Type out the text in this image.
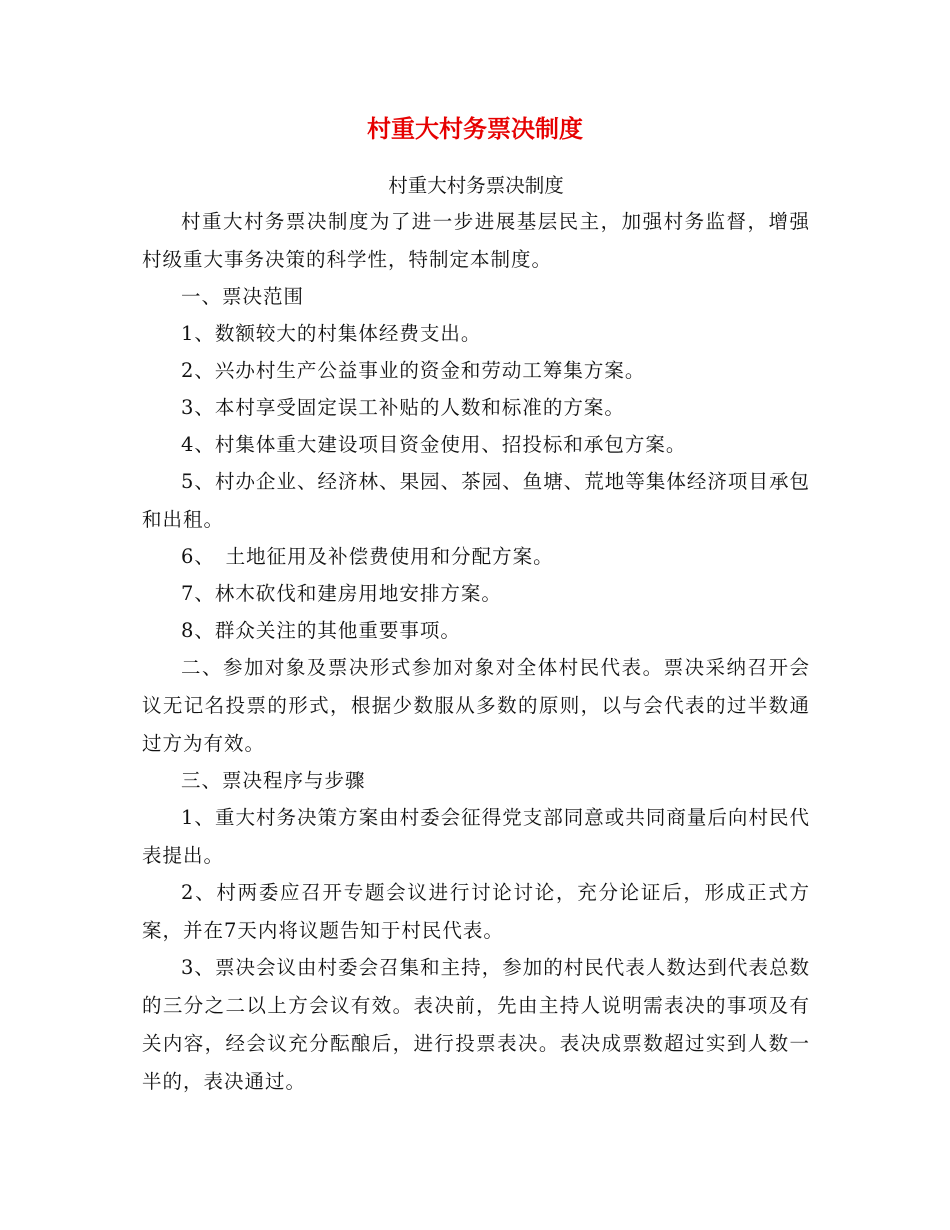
村重大村务票决制度
村重大村务票决制度

村重大村务票决制度为了进一步进展基层民主，加强村务监督，增强村级重大事务决策的科学性，特制定本制度。

一、票决范围

1、数额较大的村集体经费支出。

2、兴办村生产公益事业的资金和劳动工筹集方案。

3、本村享受固定误工补贴的人数和标准的方案。

4、村集体重大建设项目资金使用、招投标和承包方案。

5、村办企业、经济林、果园、茶园、鱼塘、荒地等集体经济项目承包和出租。

6、　土地征用及补偿费使用和分配方案。

7、林木砍伐和建房用地安排方案。

8、群众关注的其他重要事项。

二、参加对象及票决形式参加对象对全体村民代表。票决采纳召开会议无记名投票的形式，根据少数服从多数的原则，以与会代表的过半数通过方为有效。

三、票决程序与步骤

1、重大村务决策方案由村委会征得党支部同意或共同商量后向村民代表提出。

2、村两委应召开专题会议进行讨论讨论，充分论证后，形成正式方案，并在7天内将议题告知于村民代表。

3、票决会议由村委会召集和主持，参加的村民代表人数达到代表总数的三分之二以上方会议有效。表决前，先由主持人说明需表决的事项及有关内容，经会议充分酝酿后，进行投票表决。表决成票数超过实到人数一半的，表决通过。
